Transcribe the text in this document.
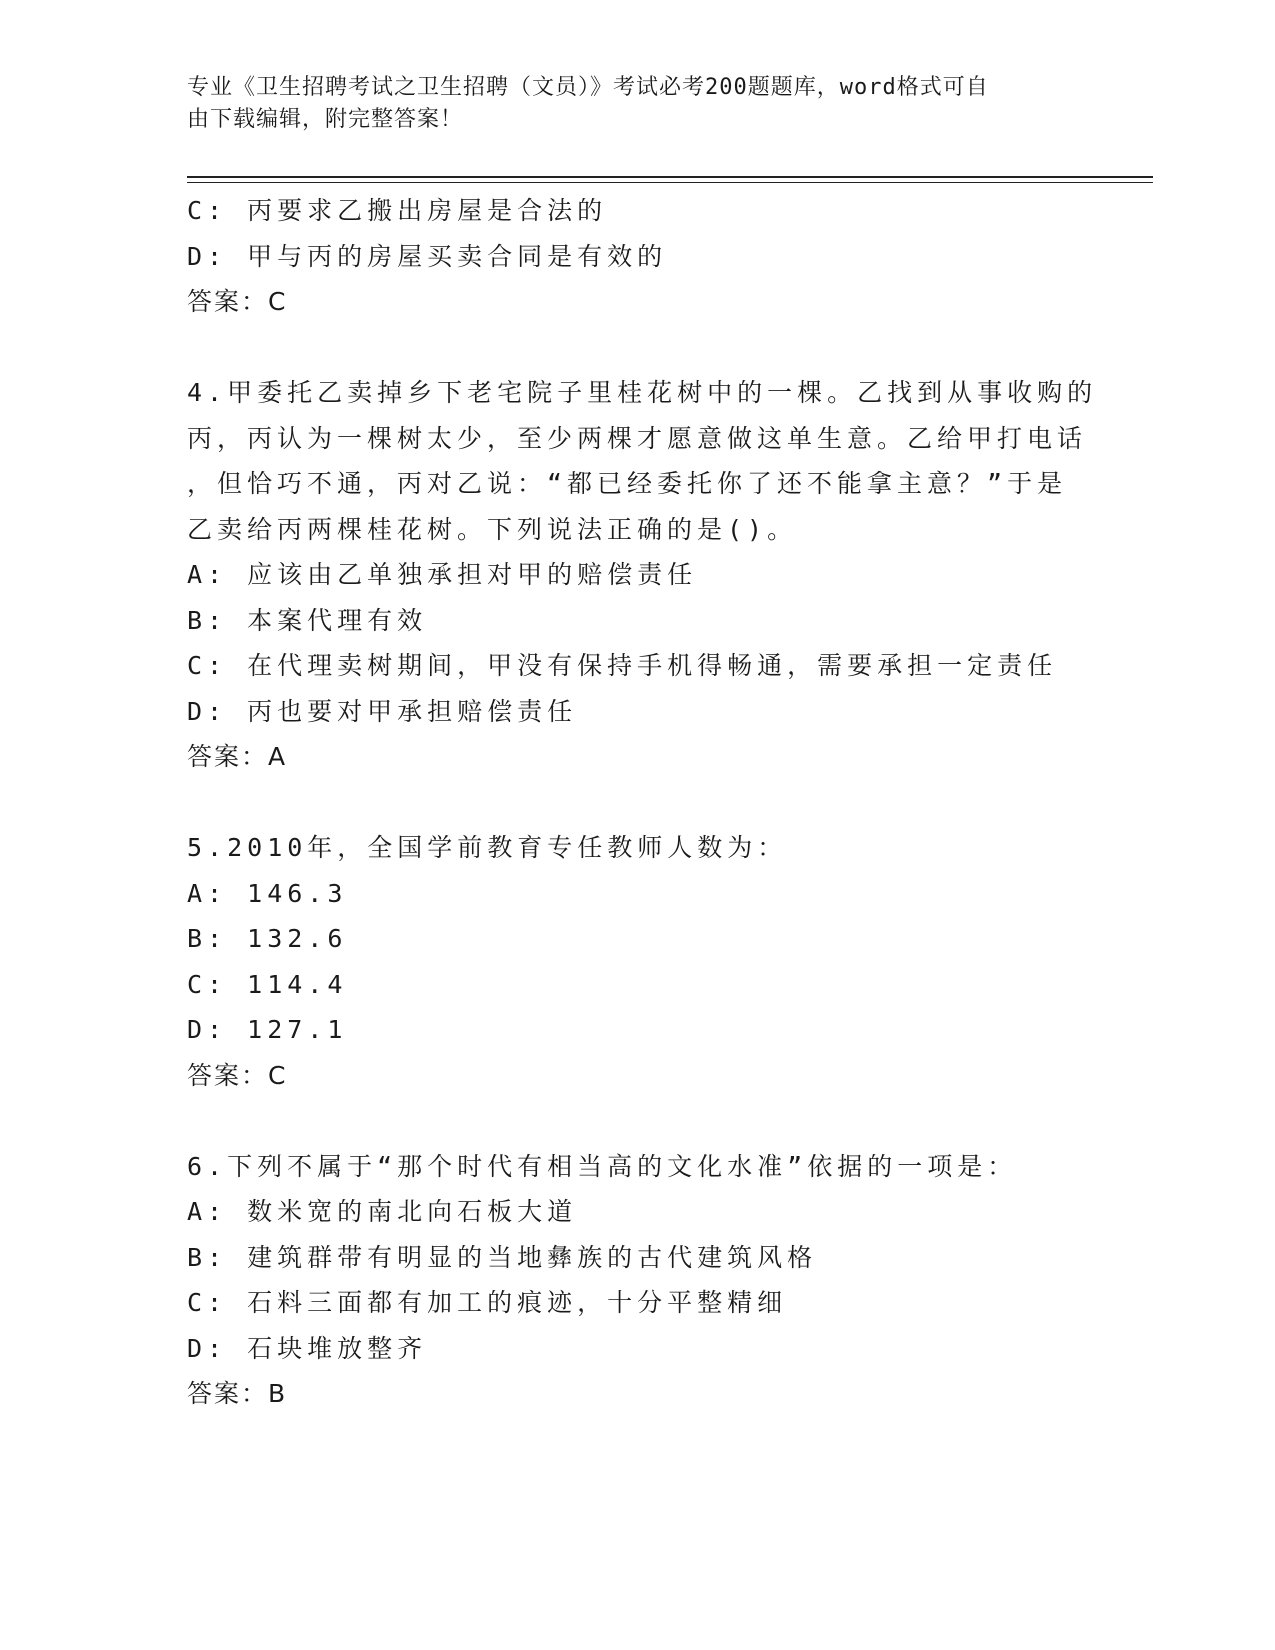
专业《卫生招聘考试之卫生招聘（文员）》考试必考200题题库，word格式可自
由下载编辑，附完整答案！
C: 丙要求乙搬出房屋是合法的
D: 甲与丙的房屋买卖合同是有效的
答案：C
4.甲委托乙卖掉乡下老宅院子里桂花树中的一棵。乙找到从事收购的
丙，丙认为一棵树太少，至少两棵才愿意做这单生意。乙给甲打电话
，但恰巧不通，丙对乙说：“都已经委托你了还不能拿主意？”于是
乙卖给丙两棵桂花树。下列说法正确的是()。
A: 应该由乙单独承担对甲的赔偿责任
B: 本案代理有效
C: 在代理卖树期间，甲没有保持手机得畅通，需要承担一定责任
D: 丙也要对甲承担赔偿责任
答案：A
5.2010年，全国学前教育专任教师人数为：
A: 146.3
B: 132.6
C: 114.4
D: 127.1
答案：C
6.下列不属于“那个时代有相当高的文化水准”依据的一项是：
A: 数米宽的南北向石板大道
B: 建筑群带有明显的当地彝族的古代建筑风格
C: 石料三面都有加工的痕迹，十分平整精细
D: 石块堆放整齐
答案：B
